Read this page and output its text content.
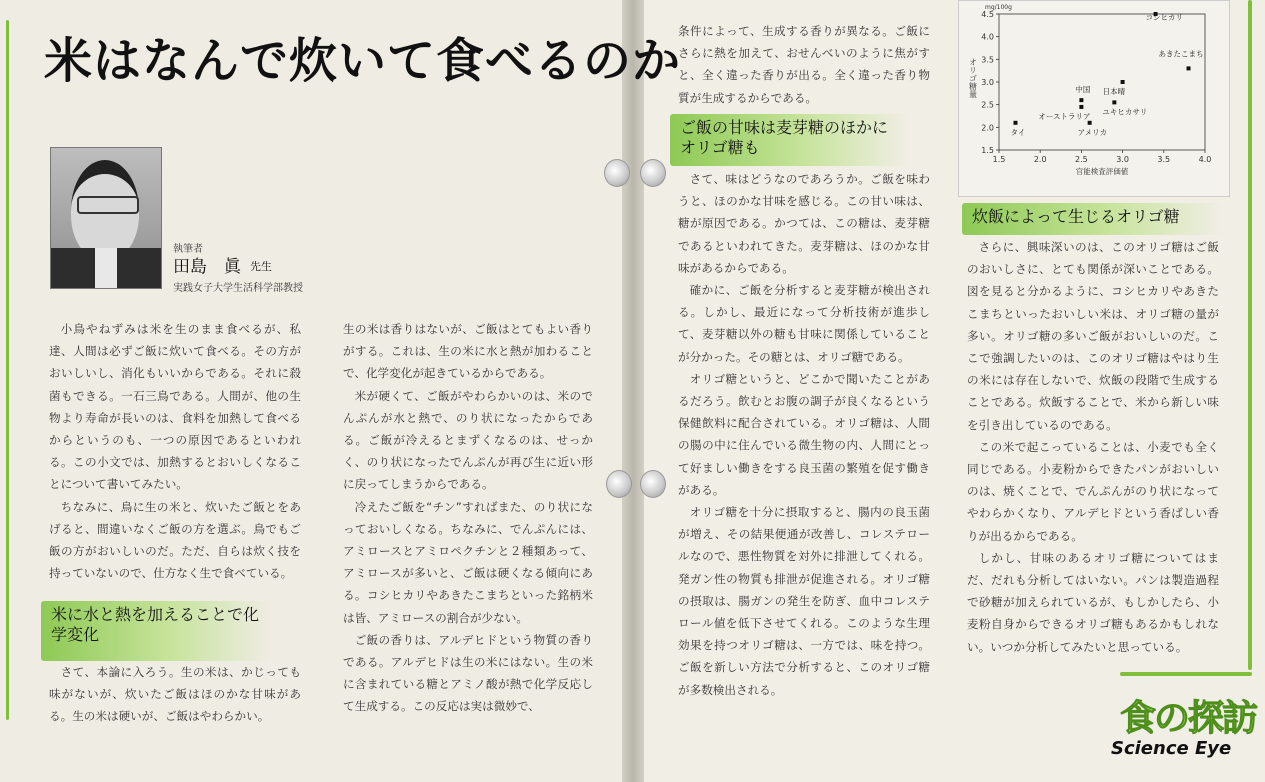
米はなんで炊いて食べるのか
執筆者
田島　眞 先生
実践女子大学生活科学部教授

小鳥やねずみは米を生のまま食べるが、私達、人間は必ずご飯に炊いて食べる。その方がおいしいし、消化もいいからである。それに殺菌もできる。一石三鳥である。人間が、他の生物より寿命が長いのは、食料を加熱して食べるからというのも、一つの原因であるといわれる。この小文では、加熱するとおいしくなることについて書いてみたい。

ちなみに、鳥に生の米と、炊いたご飯とをあげると、間違いなくご飯の方を選ぶ。鳥でもご飯の方がおいしいのだ。ただ、自らは炊く技を持っていないので、仕方なく生で食べている。

米に水と熱を加えることで化学変化

さて、本論に入ろう。生の米は、かじっても味がないが、炊いたご飯はほのかな甘味がある。生の米は硬いが、ご飯はやわらかい。

生の米は香りはないが、ご飯はとてもよい香りがする。これは、生の米に水と熱が加わることで、化学変化が起きているからである。

米が硬くて、ご飯がやわらかいのは、米のでんぷんが水と熱で、のり状になったからである。ご飯が冷えるとまずくなるのは、せっかく、のり状になったでんぷんが再び生に近い形に戻ってしまうからである。

冷えたご飯を“チン”すればまた、のり状になっておいしくなる。ちなみに、でんぷんには、アミロースとアミロペクチンと２種類あって、アミロースが多いと、ご飯は硬くなる傾向にある。コシヒカリやあきたこまちといった銘柄米は皆、アミロースの割合が少ない。

ご飯の香りは、アルデヒドという物質の香りである。アルデヒドは生の米にはない。生の米に含まれている糖とアミノ酸が熱で化学反応して生成する。この反応は実は微妙で、

条件によって、生成する香りが異なる。ご飯にさらに熱を加えて、おせんべいのように焦がすと、全く違った香りが出る。全く違った香り物質が生成するからである。

ご飯の甘味は麦芽糖のほかにオリゴ糖も

さて、味はどうなのであろうか。ご飯を味わうと、ほのかな甘味を感じる。この甘い味は、糖が原因である。かつては、この糖は、麦芽糖であるといわれてきた。麦芽糖は、ほのかな甘味があるからである。

確かに、ご飯を分析すると麦芽糖が検出される。しかし、最近になって分析技術が進歩して、麦芽糖以外の糖も甘味に関係していることが分かった。その糖とは、オリゴ糖である。

オリゴ糖というと、どこかで聞いたことがあるだろう。飲むとお腹の調子が良くなるという保健飲料に配合されている。オリゴ糖は、人間の腸の中に住んでいる微生物の内、人間にとって好ましい働きをする良玉菌の繁殖を促す働きがある。

オリゴ糖を十分に摂取すると、腸内の良玉菌が増え、その結果便通が改善し、コレステロールなので、悪性物質を対外に排泄してくれる。発ガン性の物質も排泄が促進される。オリゴ糖の摂取は、腸ガンの発生を防ぎ、血中コレステロール値を低下させてくれる。このような生理効果を持つオリゴ糖は、一方では、味を持つ。ご飯を新しい方法で分析すると、このオリゴ糖が多数検出される。

1.5	2.0	2.5	3.0	3.5	4.0
1.5
2.0
2.5
3.0
3.5
4.0
4.5
mg/100g
官能検査評価値
オリゴ糖量
コシヒカリ
あきたこまち
日本晴
ユキヒカサリ
中国
オーストラリア
アメリカ
タイ
炊飯によって生じるオリゴ糖

さらに、興味深いのは、このオリゴ糖はご飯のおいしさに、とても関係が深いことである。図を見ると分かるように、コシヒカリやあきたこまちといったおいしい米は、オリゴ糖の量が多い。オリゴ糖の多いご飯がおいしいのだ。ここで強調したいのは、このオリゴ糖はやはり生の米には存在しないで、炊飯の段階で生成することである。炊飯することで、米から新しい味を引き出しているのである。

この米で起こっていることは、小麦でも全く同じである。小麦粉からできたパンがおいしいのは、焼くことで、でんぷんがのり状になってやわらかくなり、アルデヒドという香ばしい香りが出るからである。

しかし、甘味のあるオリゴ糖についてはまだ、だれも分析してはいない。パンは製造過程で砂糖が加えられているが、もしかしたら、小麦粉自身からできるオリゴ糖もあるかもしれない。いつか分析してみたいと思っている。

食の探訪
Science Eye
